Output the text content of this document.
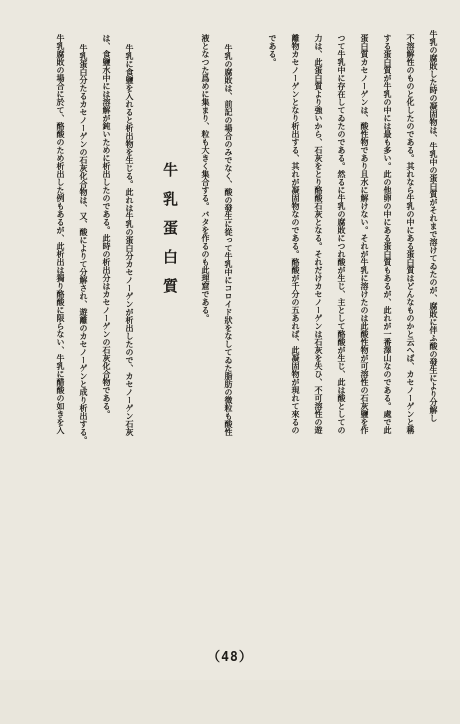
牛乳の腐敗した時の凝固物は、牛乳中の蛋白質がそれまで溶けてゐたのが、腐敗に伴ふ酸の發生により分解し
不溶解性のものと化したのである。其れなら牛乳の中にある蛋白質はどんなものかと云へば、カセノーゲンと稱
する蛋白質が牛乳の中には最も多い。此の他卵の中にある蛋白質もあるが、此れが一番澤山なのである。處で此
蛋白質カセノーゲンは、酸性物であり且水に解けない。それが牛乳に溶けたのは此酸性物が可溶性の石灰鹽を作
つて牛乳中に存在してゐたのである。然るに牛乳の腐敗につれ酸が生じ、主として酪酸が生じ、此は酸としての
力は、此蛋白質より強いから、石灰をとり酪酸石灰となる。それだけカセノーゲンは石灰を失ひ、不可溶性の遊
離物カセノーゲンとなり析出する、其れが凝固物なのである。酪酸が千分の五あれば、此凝固物が現れて來るの
である。
牛乳の腐敗は、前記の場合のみでなく、酸の發生に從って牛乳中にコロイド狀をなしてゐた脂肪の微粒も酸性
液となつた爲めに集まり、粒も大きく集合する。バタを作るのも此理窟である。
牛乳に食鹽を入れると析出物を生じる。此れは牛乳の蛋白分カセノーゲンが析出したので、カセノーゲン石灰
は、食鹽水中には溶解が鈍いために析出したのである。此時の析出分はカセノーゲンの石灰化合物である。
牛乳蛋白分たるカセノーゲンの石灰化合物は、又、酸によりて分解され、遊離のカセノーゲンと成り析出する。
牛乳腐敗の場合に於て、酪酸のため析出した例もあるが、此析出は獨り酪酸に限らない、牛乳に醋酸の如きを入	牛乳蛋白質
（48）
